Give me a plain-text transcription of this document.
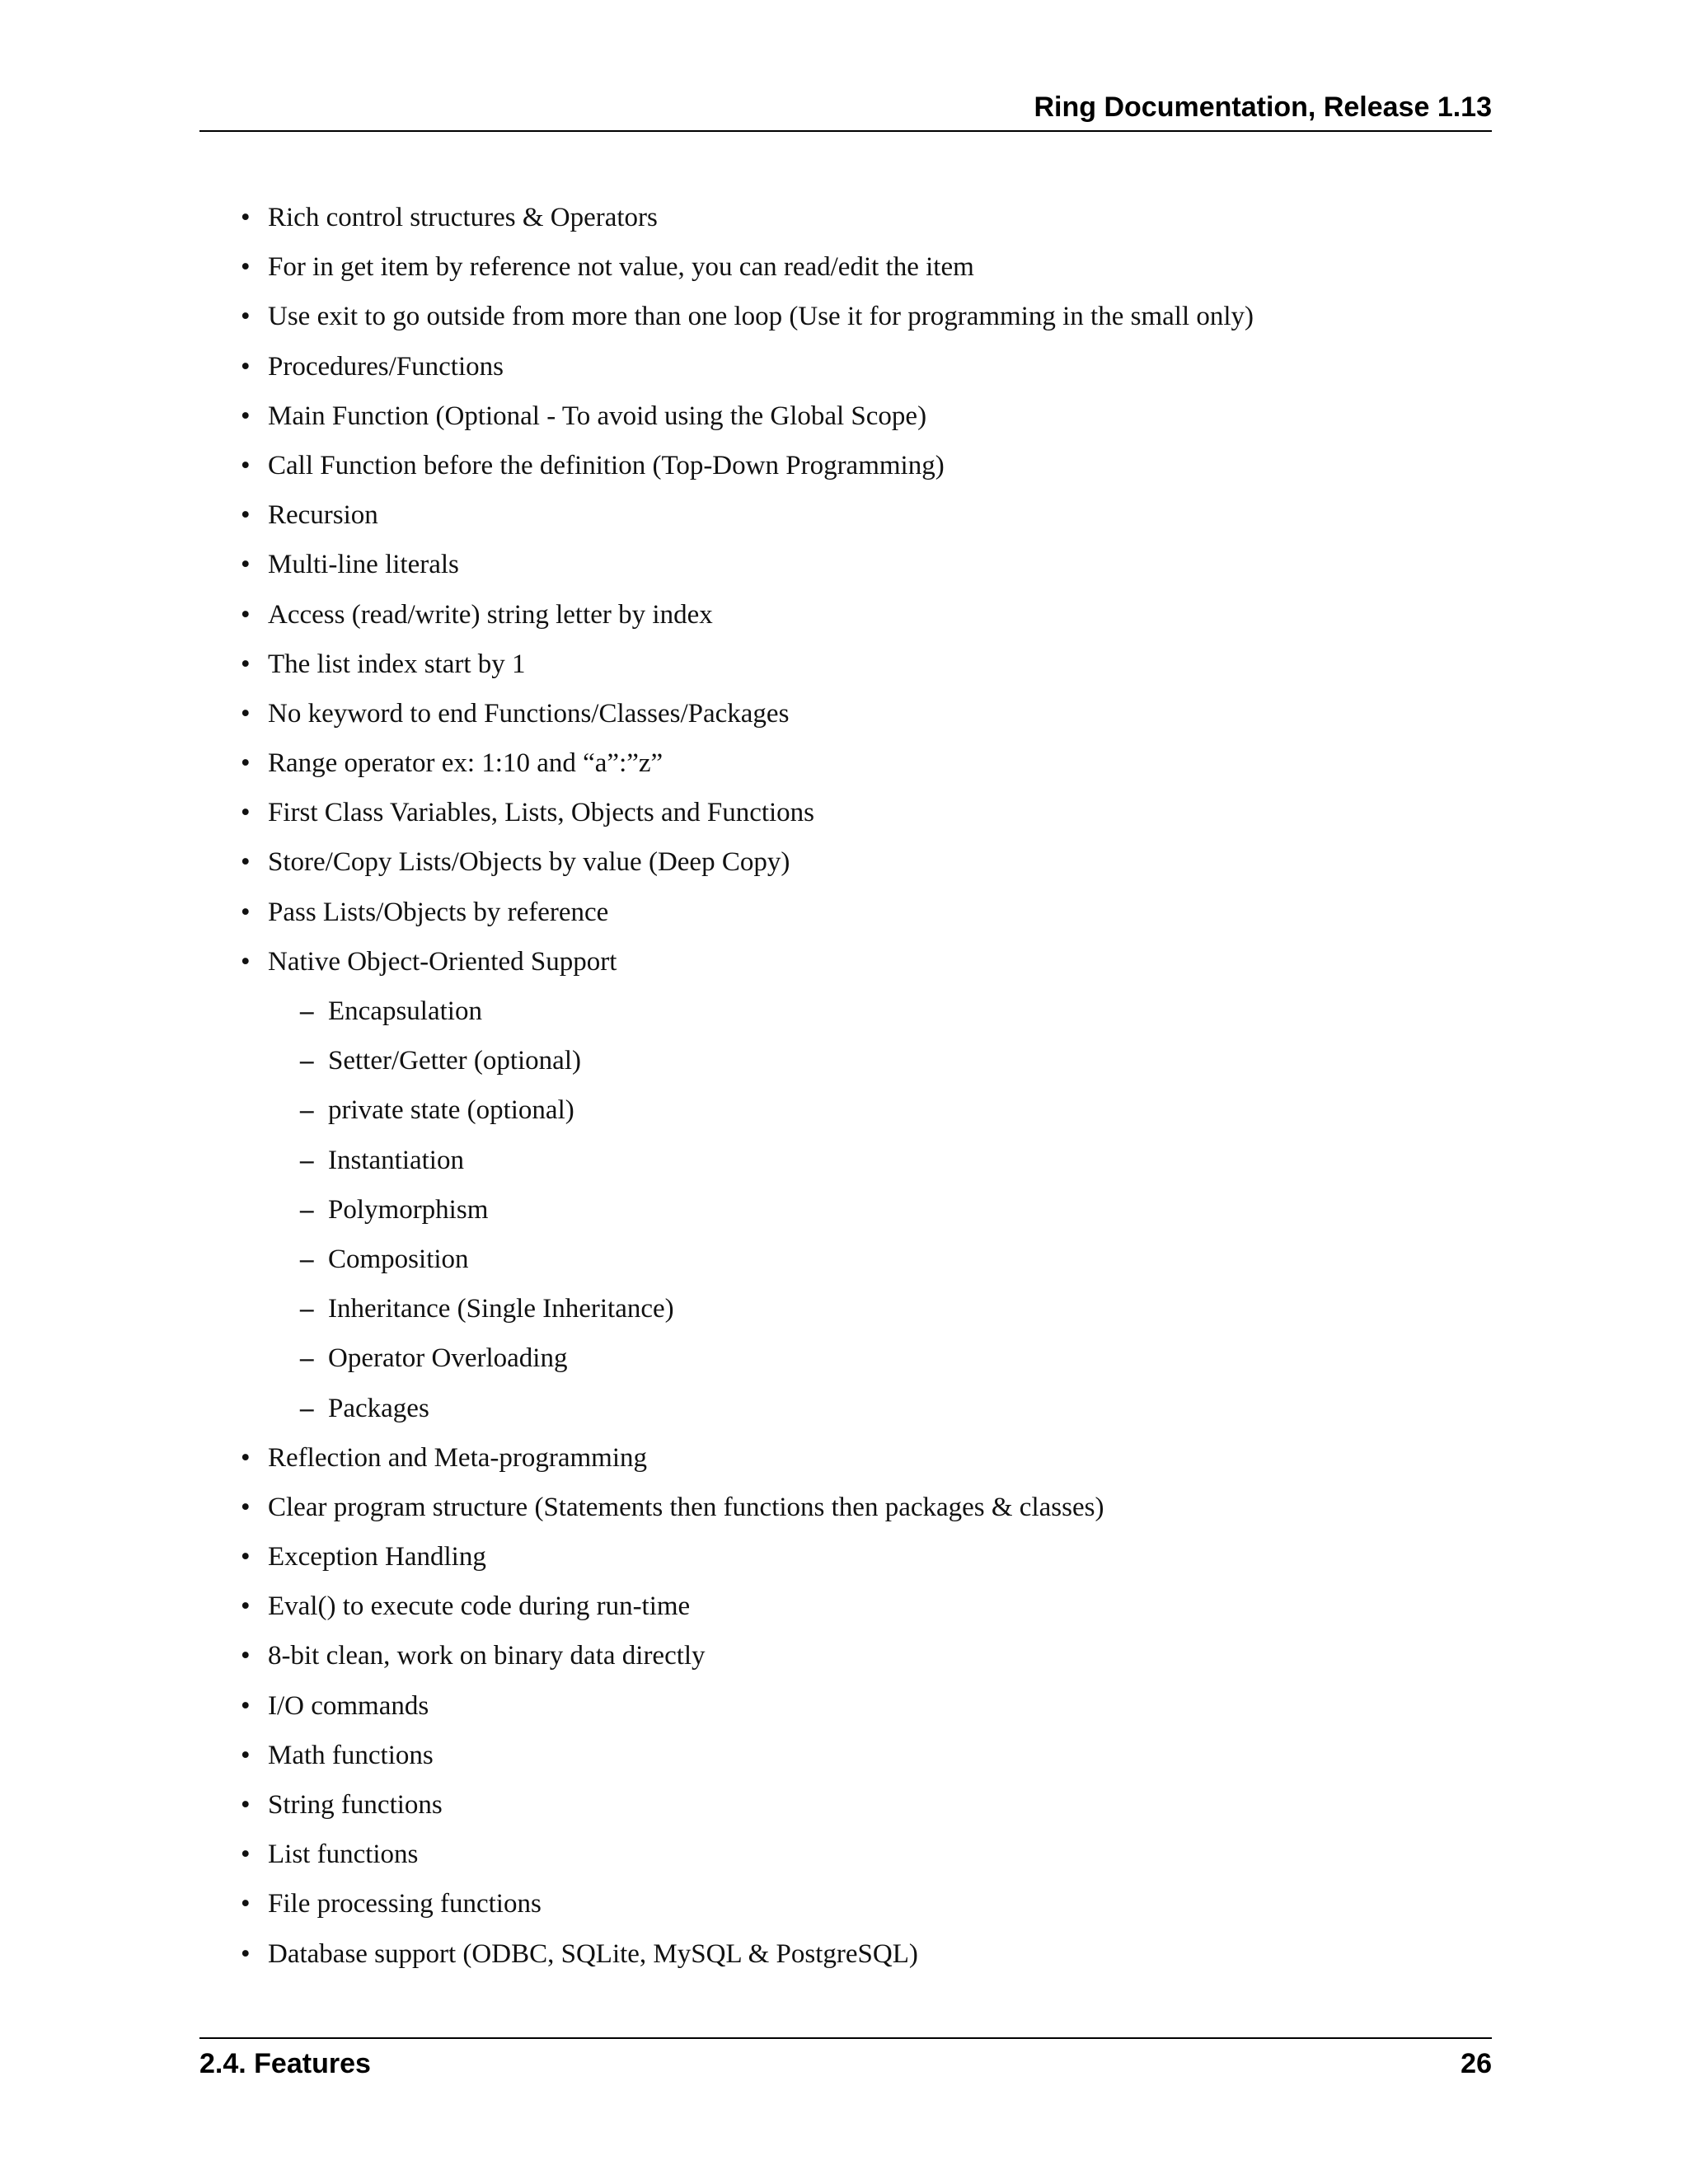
Ring Documentation, Release 1.13
• Rich control structures & Operators
• For in get item by reference not value, you can read/edit the item
• Use exit to go outside from more than one loop (Use it for programming in the small only)
• Procedures/Functions
• Main Function (Optional - To avoid using the Global Scope)
• Call Function before the definition (Top-Down Programming)
• Recursion
• Multi-line literals
• Access (read/write) string letter by index
• The list index start by 1
• No keyword to end Functions/Classes/Packages
• Range operator ex: 1:10 and “a”:”z”
• First Class Variables, Lists, Objects and Functions
• Store/Copy Lists/Objects by value (Deep Copy)
• Pass Lists/Objects by reference
• Native Object-Oriented Support
– Encapsulation
– Setter/Getter (optional)
– private state (optional)
– Instantiation
– Polymorphism
– Composition
– Inheritance (Single Inheritance)
– Operator Overloading
– Packages
• Reflection and Meta-programming
• Clear program structure (Statements then functions then packages & classes)
• Exception Handling
• Eval() to execute code during run-time
• 8-bit clean, work on binary data directly
• I/O commands
• Math functions
• String functions
• List functions
• File processing functions
• Database support (ODBC, SQLite, MySQL & PostgreSQL)
2.4. Features	26
